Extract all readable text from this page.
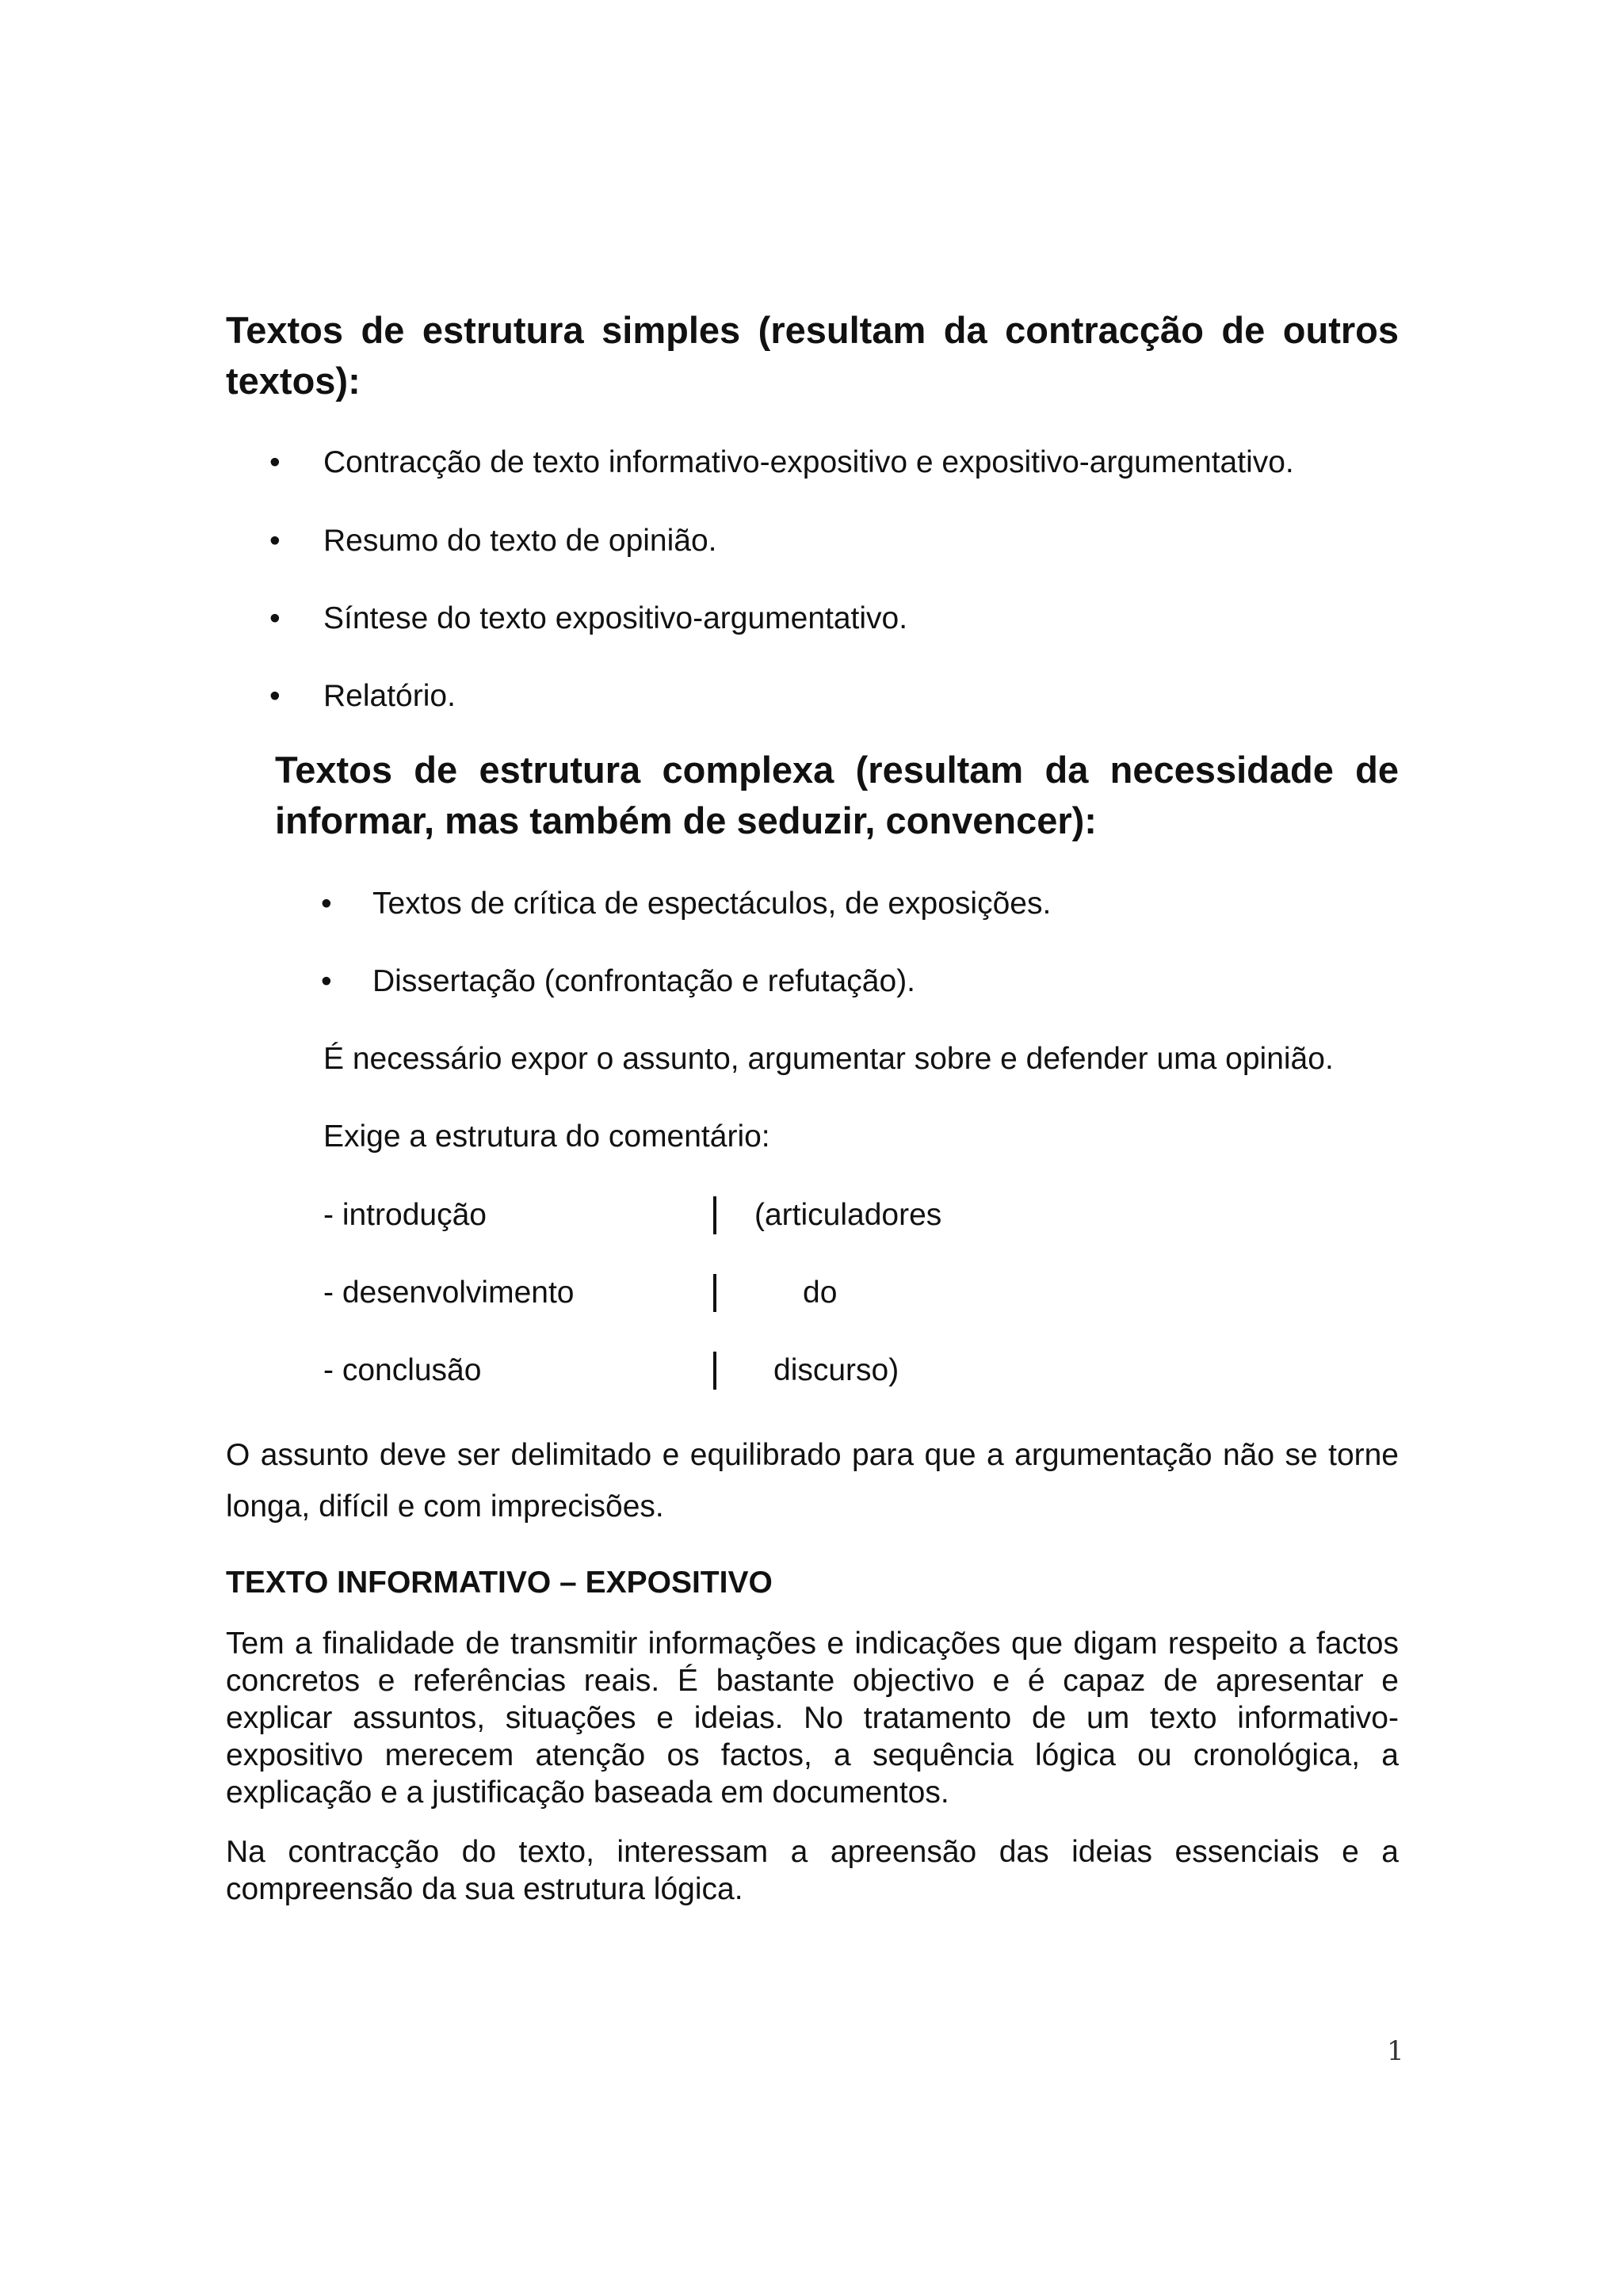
Textos de estrutura simples (resultam da contracção de outros textos):
• Contracção de texto informativo-expositivo e expositivo-argumentativo.
• Resumo do texto de opinião.
• Síntese do texto expositivo-argumentativo.
• Relatório.
Textos de estrutura complexa (resultam da necessidade de informar, mas também de seduzir, convencer):
• Textos de crítica de espectáculos, de exposições.
• Dissertação (confrontação e refutação).
É necessário expor o assunto, argumentar sobre e defender uma opinião.
Exige a estrutura do comentário:
- introdução	(articuladores
- desenvolvimento	do
- conclusão	discurso)
O assunto deve ser delimitado e equilibrado para que a argumentação não se torne longa, difícil e com imprecisões.
TEXTO INFORMATIVO – EXPOSITIVO
Tem a finalidade de transmitir informações e indicações que digam respeito a factos concretos e referências reais. É bastante objectivo e é capaz de apresentar e explicar assuntos, situações e ideias. No tratamento de um texto informativo-expositivo merecem atenção os factos, a sequência lógica ou cronológica, a explicação e a justificação baseada em documentos.
Na contracção do texto, interessam a apreensão das ideias essenciais e a compreensão da sua estrutura lógica.
1
